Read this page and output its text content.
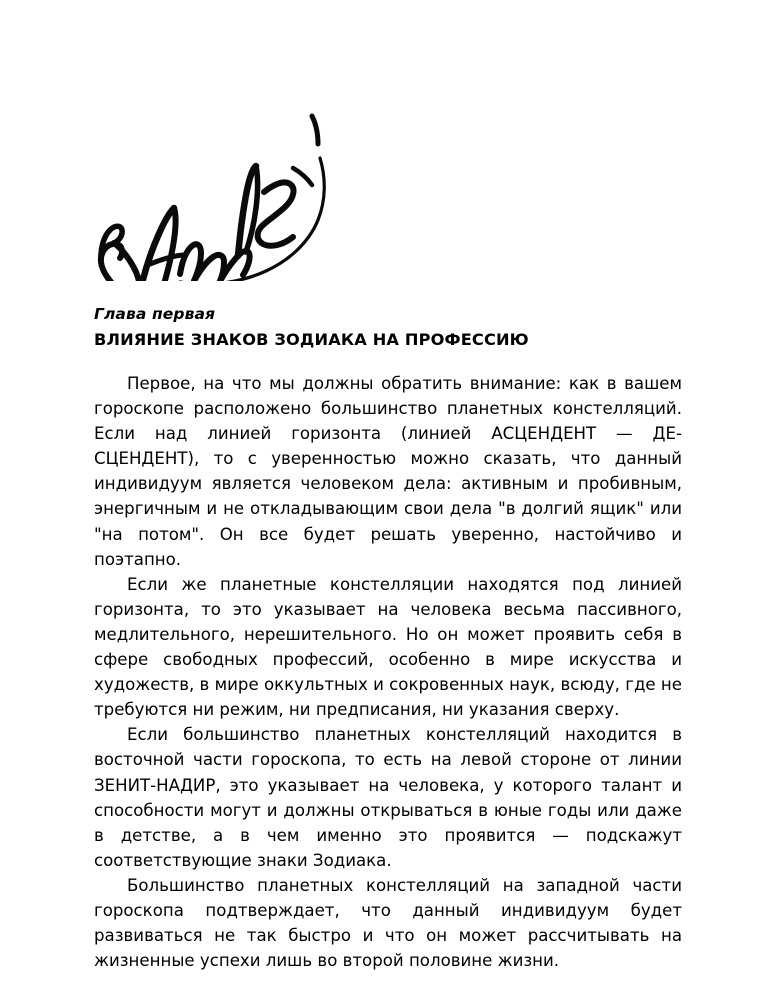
Глава первая
ВЛИЯНИЕ ЗНАКОВ ЗОДИАКА НА ПРОФЕССИЮ

Первое, на что мы должны обратить внимание: как в вашем гороскопе расположено большинство планетных констелляций. Если над линией горизонта (линией АСЦЕНДЕНТ — ДЕ-СЦЕНДЕНТ), то с уверенностью можно сказать, что данный индивидуум является человеком дела: активным и пробивным, энергичным и не откладывающим свои дела "в долгий ящик" или "на потом". Он все будет решать уверенно, настойчиво и поэтапно.

Если же планетные констелляции находятся под линией горизонта, то это указывает на человека весьма пассивного, медлительного, нерешительного. Но он может проявить себя в сфере свободных профессий, особенно в мире искусства и художеств, в мире оккультных и сокровенных наук, всюду, где не требуются ни режим, ни предписания, ни указания сверху.

Если большинство планетных констелляций находится в восточной части гороскопа, то есть на левой стороне от линии ЗЕНИТ-НАДИР, это указывает на человека, у которого талант и способности могут и должны открываться в юные годы или даже в детстве, а в чем именно это проявится — подскажут соответствующие знаки Зодиака.

Большинство планетных констелляций на западной части гороскопа подтверждает, что данный индивидуум будет развиваться не так быстро и что он может рассчитывать на жизненные успехи лишь во второй половине жизни.
